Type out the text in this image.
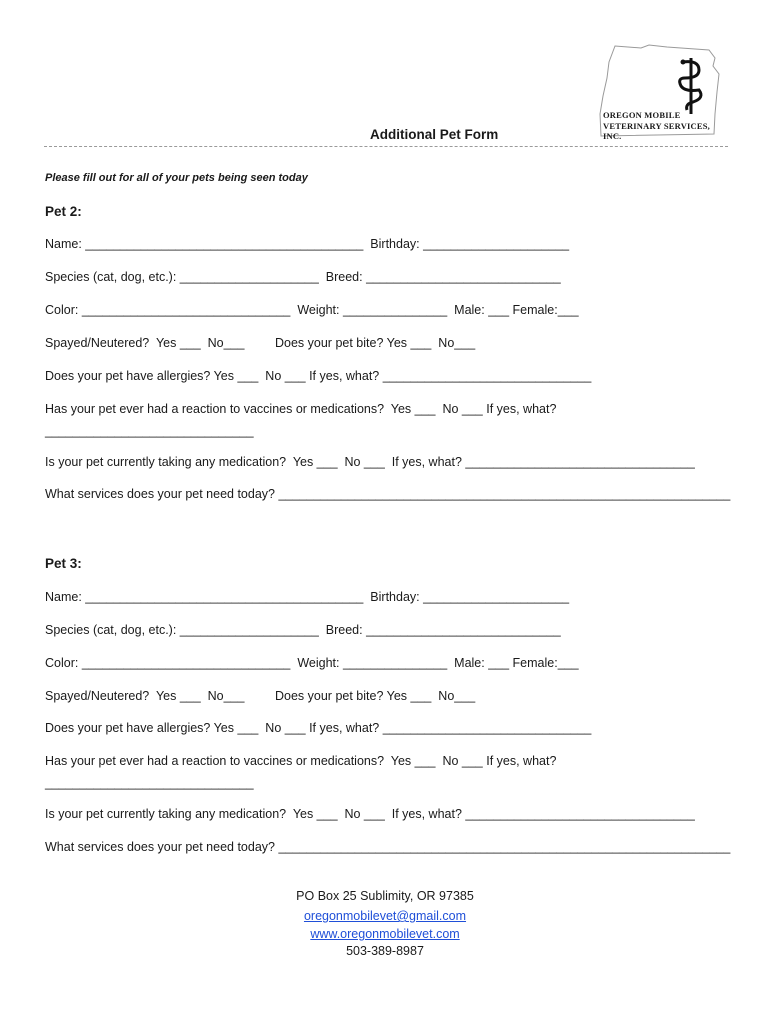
OREGON MOBILE
VETERINARY SERVICES, INC.
Additional Pet Form
Please fill out for all of your pets being seen today
Pet 2:
Name: ________________________________________  Birthday: _____________________
Species (cat, dog, etc.): ____________________  Breed: ____________________________
Color: ______________________________  Weight: _______________  Male: ___ Female:___
Spayed/Neutered?  Yes ___  No___ Does your pet bite? Yes ___  No___
Does your pet have allergies? Yes ___  No ___ If yes, what? ______________________________
Has your pet ever had a reaction to vaccines or medications?  Yes ___  No ___ If yes, what?
______________________________
Is your pet currently taking any medication?  Yes ___  No ___  If yes, what? _________________________________
What services does your pet need today? _________________________________________________________________
Pet 3:
Name: ________________________________________  Birthday: _____________________
Species (cat, dog, etc.): ____________________  Breed: ____________________________
Color: ______________________________  Weight: _______________  Male: ___ Female:___
Spayed/Neutered?  Yes ___  No___ Does your pet bite? Yes ___  No___
Does your pet have allergies? Yes ___  No ___ If yes, what? ______________________________
Has your pet ever had a reaction to vaccines or medications?  Yes ___  No ___ If yes, what?
______________________________
Is your pet currently taking any medication?  Yes ___  No ___  If yes, what? _________________________________
What services does your pet need today? _________________________________________________________________
PO Box 25 Sublimity, OR 97385
oregonmobilevet@gmail.com
www.oregonmobilevet.com
503-389-8987
